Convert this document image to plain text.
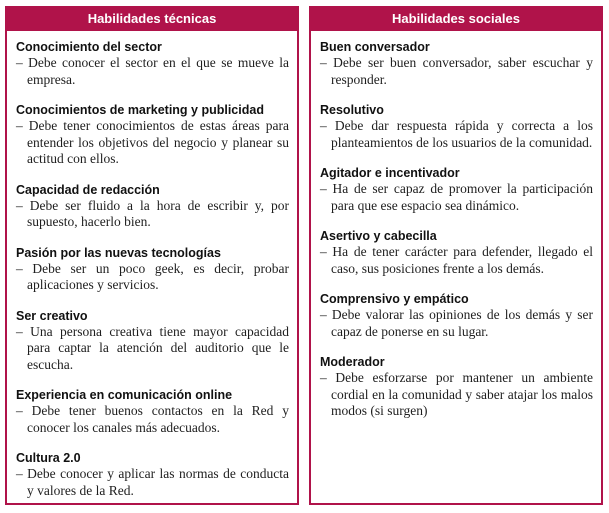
Habilidades técnicas

Conocimiento del sector

– Debe conocer el sector en el que se mueve la empresa.

Conocimientos de marketing y publicidad

– Debe tener conocimientos de estas áreas para entender los objetivos del negocio y planear su actitud con ellos.

Capacidad de redacción

– Debe ser fluido a la hora de escribir y, por supuesto, hacerlo bien.

Pasión por las nuevas tecnologías

– Debe ser un poco geek, es decir, probar aplicaciones y servicios.

Ser creativo

– Una persona creativa tiene mayor capacidad para captar la atención del auditorio que le escucha.

Experiencia en comunicación online

– Debe tener buenos contactos en la Red y conocer los canales más adecuados.

Cultura 2.0

– Debe conocer y aplicar las normas de conducta y valores de la Red.

Habilidades sociales

Buen conversador

– Debe ser buen conversador, saber escuchar y responder.

Resolutivo

– Debe dar respuesta rápida y correcta a los planteamientos de los usuarios de la comunidad.

Agitador e incentivador

– Ha de ser capaz de promover la participación para que ese espacio sea dinámico.

Asertivo y cabecilla

– Ha de tener carácter para defender, llegado el caso, sus posiciones frente a los demás.

Comprensivo y empático

– Debe valorar las opiniones de los demás y ser capaz de ponerse en su lugar.

Moderador

– Debe esforzarse por mantener un ambiente cordial en la comunidad y saber atajar los malos modos (si surgen)
